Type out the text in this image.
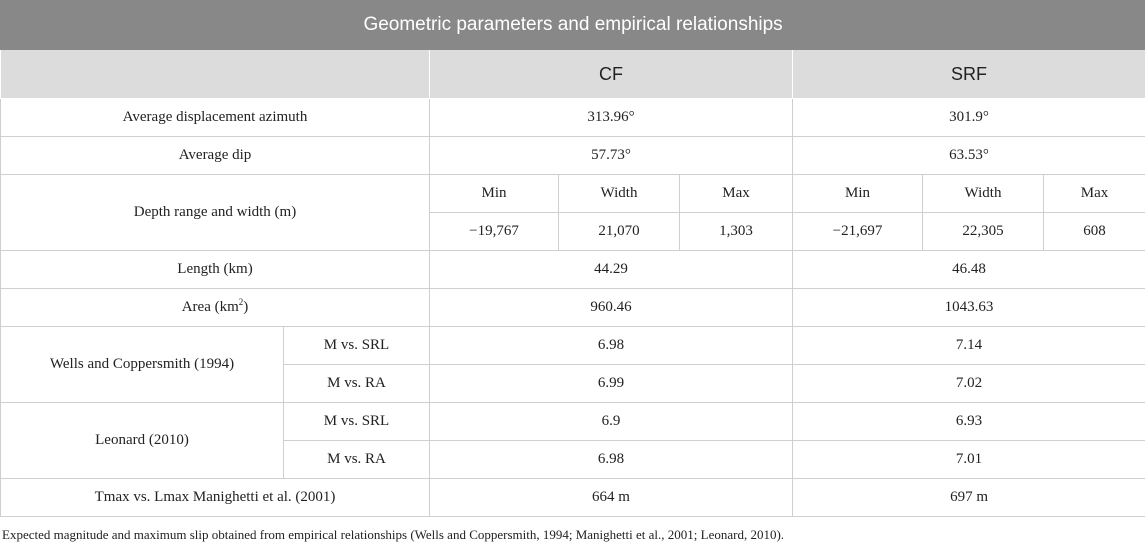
Geometric parameters and empirical relationships							
		CF			SRF		
Average displacement azimuth		313.96°			301.9°		
Average dip		57.73°			63.53°		
Depth range and width (m)		Min	Width	Max	Min	Width	Max
		−19,767	21,070	1,303	−21,697	22,305	608
Length (km)		44.29			46.48		
Area $(km^2)$		960.46			1043.63		
Wells and Coppersmith (1994)	M vs. SRL	6.98			7.14		
	M vs. RA	6.99			7.02		
Leonard (2010)	M vs. SRL	6.9			6.93		
	M vs. RA	6.98			7.01		
Tmax vs. Lmax Manighetti et al. (2001)		664 m			697 m		
Expected magnitude and maximum slip obtained from empirical relationships (Wells and Coppersmith, 1994; Manighetti et al., 2001; Leonard, 2010).
